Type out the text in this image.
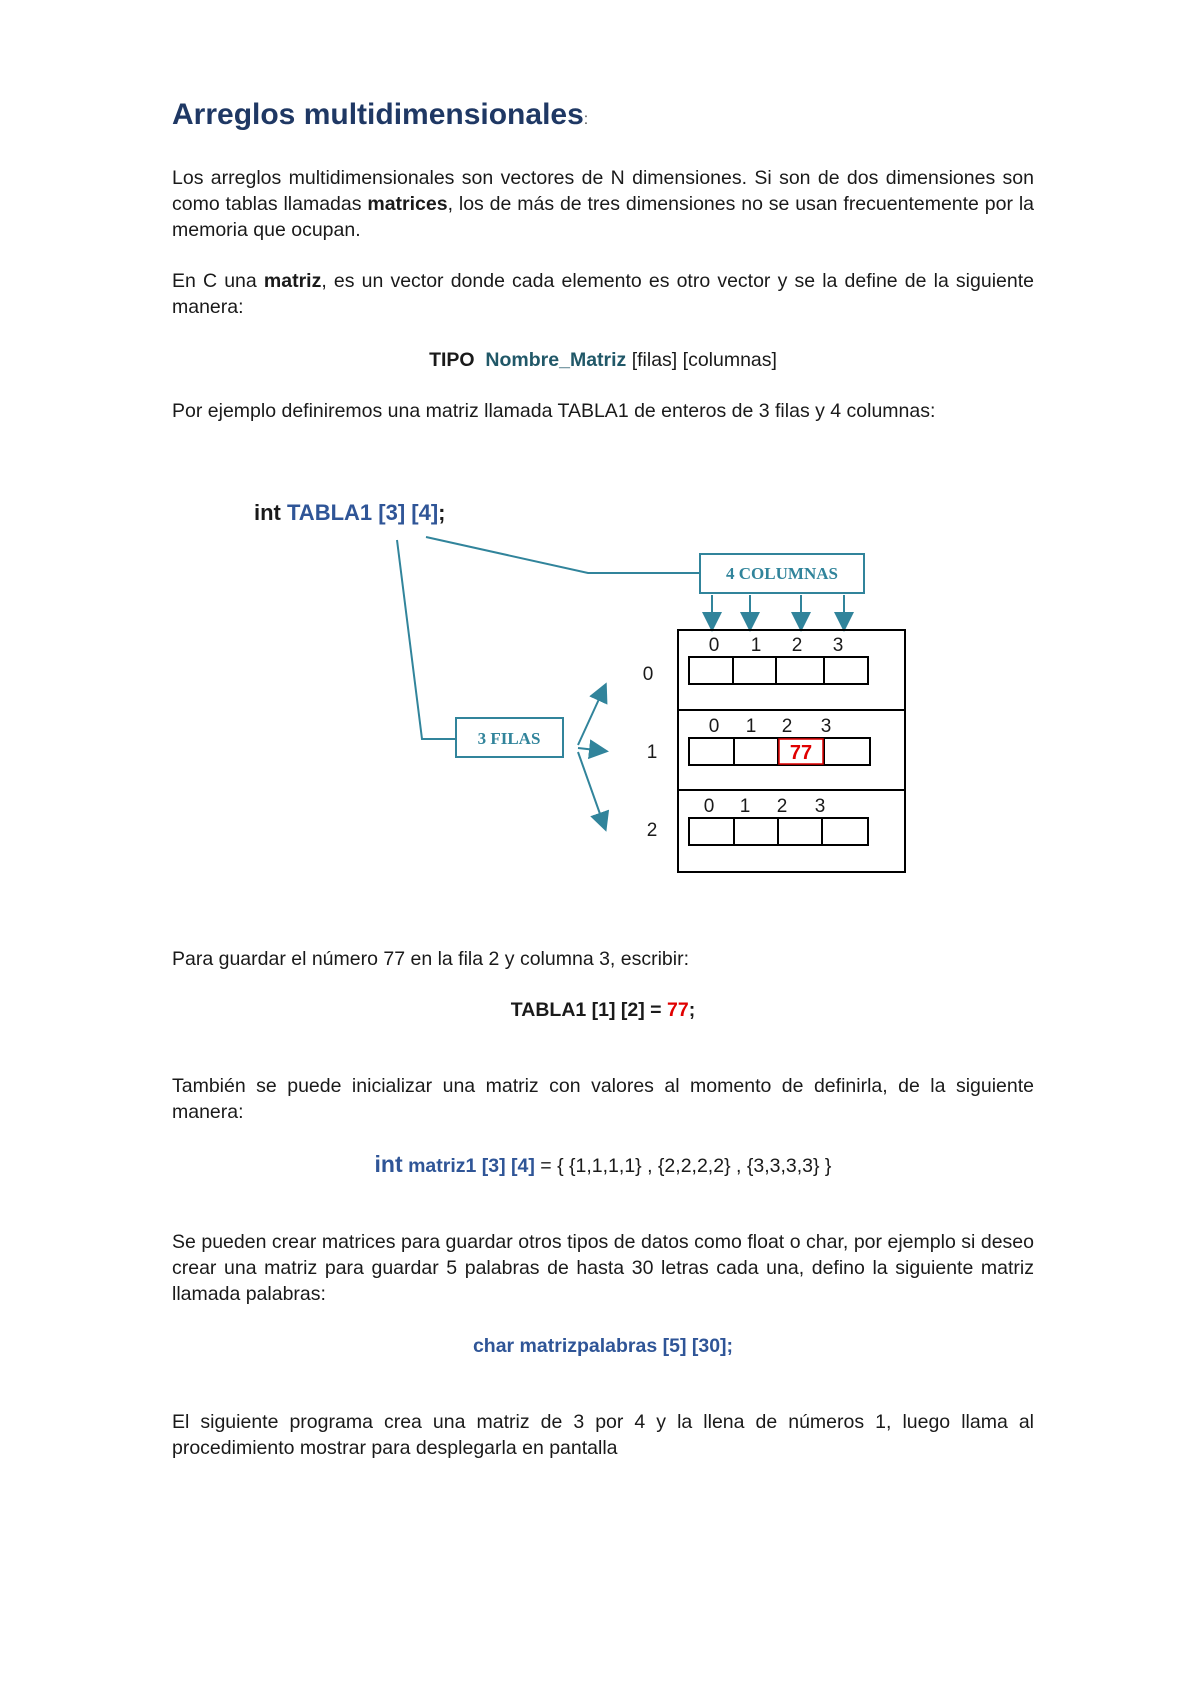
Arreglos multidimensionales:
Los arreglos multidimensionales son vectores de N dimensiones. Si son de dos dimensiones son como tablas llamadas matrices, los de más de tres dimensiones no se usan frecuentemente por la memoria que ocupan.
En C una matriz, es un vector donde cada elemento es otro vector y se la define de la siguiente manera:
TIPO Nombre_Matriz [filas] [columnas]
Por ejemplo definiremos una matriz llamada TABLA1 de enteros de 3 filas y 4 columnas:
int TABLA1 [3] [4];
4 COLUMNAS
3 FILAS
0
1
2
0 1 2 3
0 1 2 3
77
0 1 2 3
Para guardar el número 77 en la fila 2 y columna 3, escribir:
TABLA1 [1] [2] = 77;
También se puede inicializar una matriz con valores al momento de definirla, de la siguiente manera:
int matriz1 [3] [4] = { {1,1,1,1} , {2,2,2,2} , {3,3,3,3} }
Se pueden crear matrices para guardar otros tipos de datos como float o char, por ejemplo si deseo crear una matriz para guardar 5 palabras de hasta 30 letras cada una, defino la siguiente matriz llamada palabras:
char matrizpalabras [5] [30];
El siguiente programa crea una matriz de 3 por 4 y la llena de números 1, luego llama al procedimiento mostrar para desplegarla en pantalla
